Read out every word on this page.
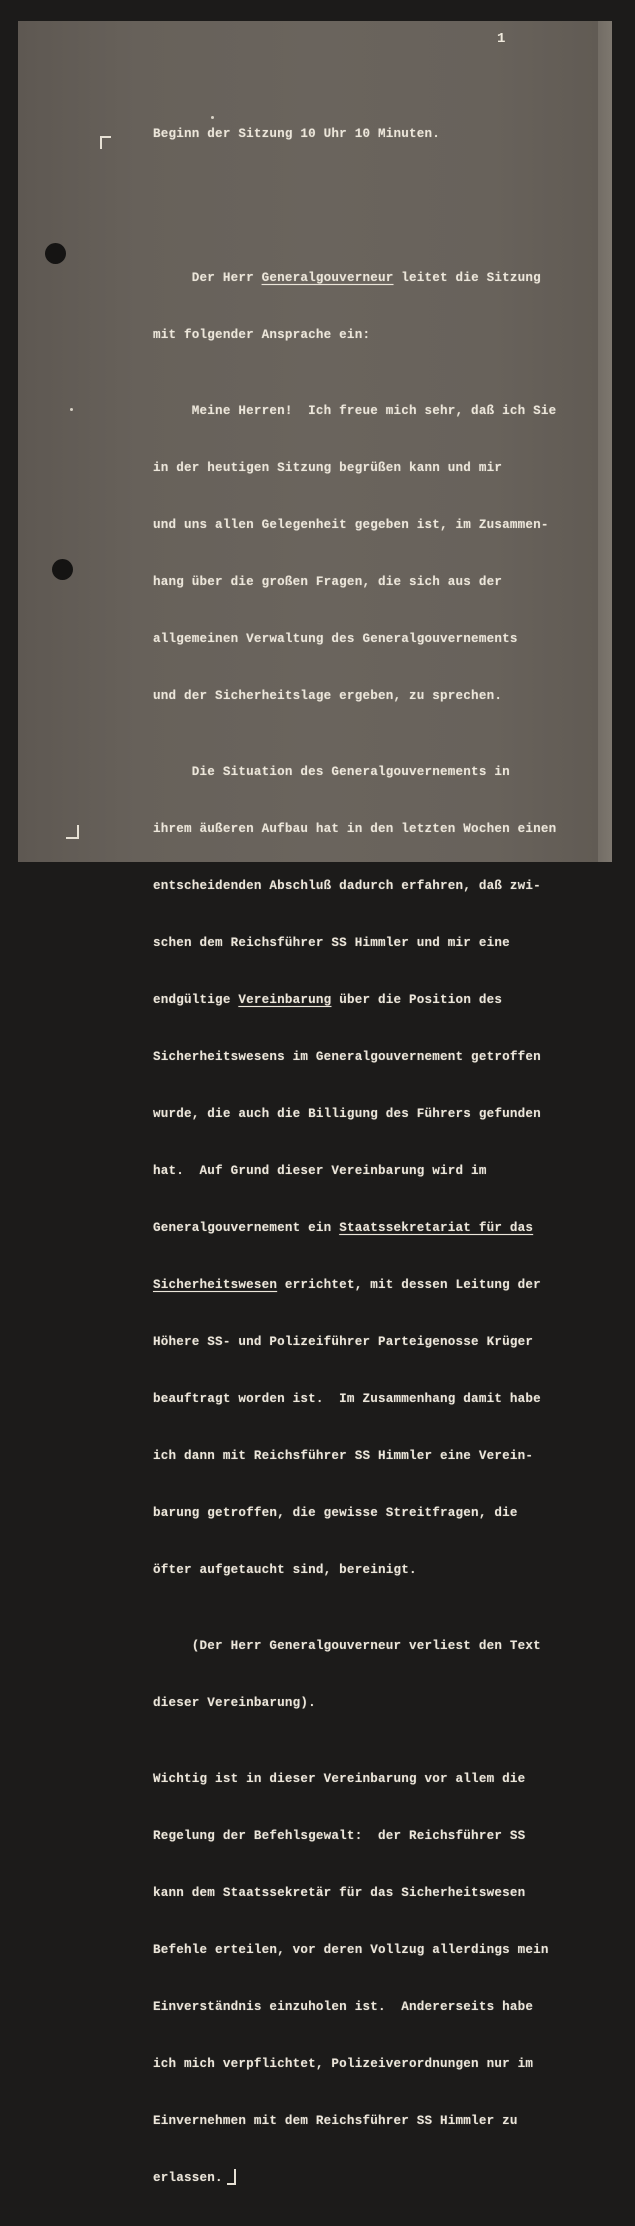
1

Beginn der Sitzung 10 Uhr 10 Minuten.

Der Herr Generalgouverneur leitet die Sitzung

mit folgender Ansprache ein:

Meine Herren!  Ich freue mich sehr, daß ich Sie

in der heutigen Sitzung begrüßen kann und mir

und uns allen Gelegenheit gegeben ist, im Zusammen-

hang über die großen Fragen, die sich aus der

allgemeinen Verwaltung des Generalgouvernements

und der Sicherheitslage ergeben, zu sprechen.

Die Situation des Generalgouvernements in

ihrem äußeren Aufbau hat in den letzten Wochen einen

entscheidenden Abschluß dadurch erfahren, daß zwi-

schen dem Reichsführer SS Himmler und mir eine

endgültige Vereinbarung über die Position des

Sicherheitswesens im Generalgouvernement getroffen

wurde, die auch die Billigung des Führers gefunden

hat.  Auf Grund dieser Vereinbarung wird im

Generalgouvernement ein Staatssekretariat für das

Sicherheitswesen errichtet, mit dessen Leitung der

Höhere SS- und Polizeiführer Parteigenosse Krüger

beauftragt worden ist.  Im Zusammenhang damit habe

ich dann mit Reichsführer SS Himmler eine Verein-

barung getroffen, die gewisse Streitfragen, die

öfter aufgetaucht sind, bereinigt.

(Der Herr Generalgouverneur verliest den Text

dieser Vereinbarung).

Wichtig ist in dieser Vereinbarung vor allem die

Regelung der Befehlsgewalt:  der Reichsführer SS

kann dem Staatssekretär für das Sicherheitswesen

Befehle erteilen, vor deren Vollzug allerdings mein

Einverständnis einzuholen ist.  Andererseits habe

ich mich verpflichtet, Polizeiverordnungen nur im

Einvernehmen mit dem Reichsführer SS Himmler zu

erlassen.
